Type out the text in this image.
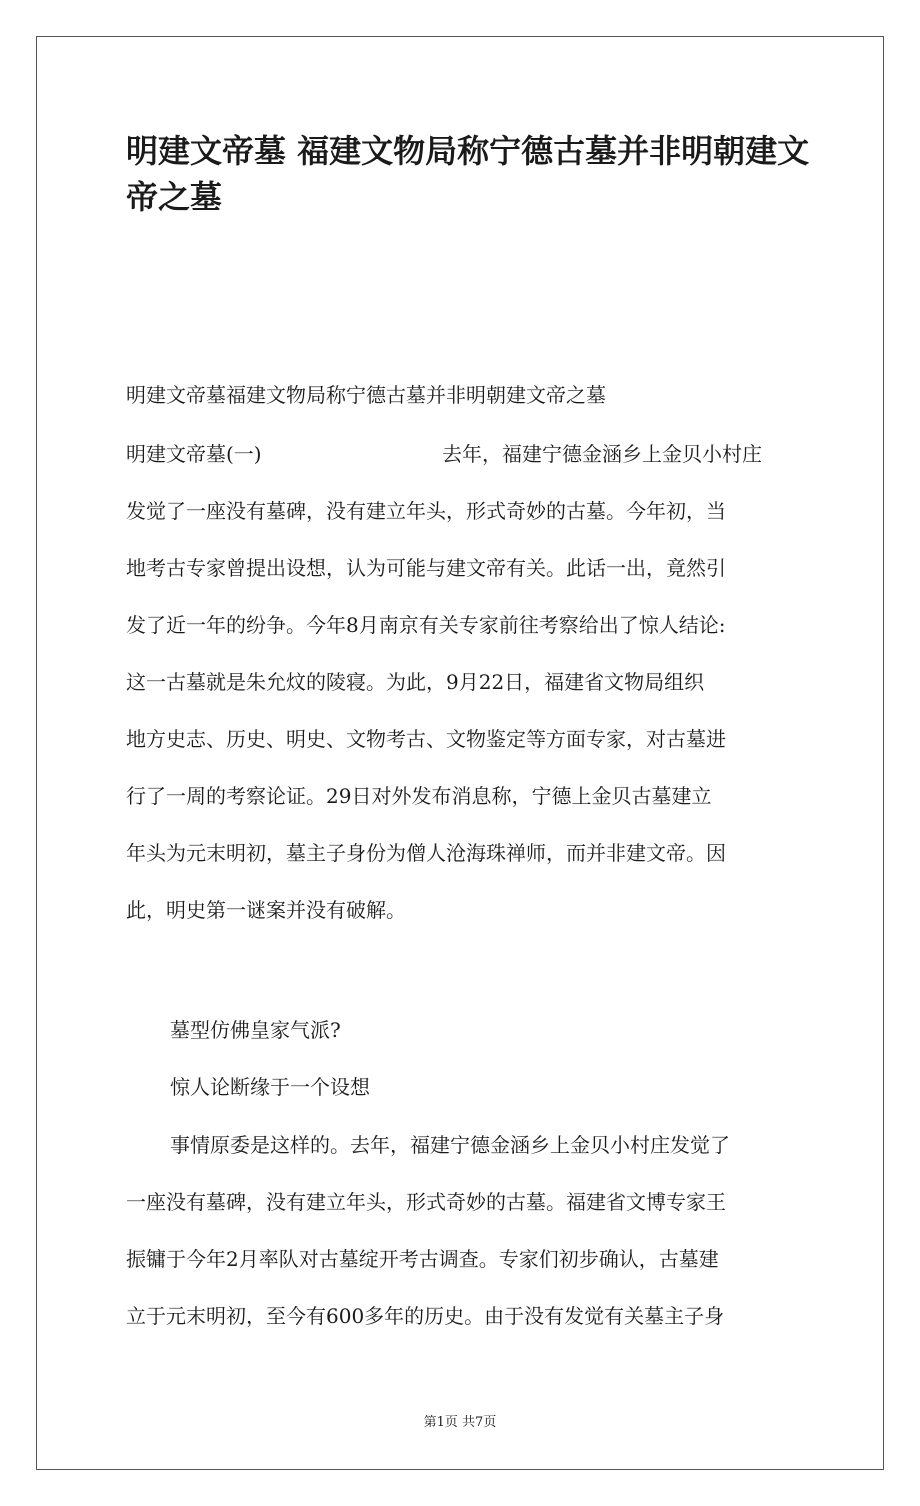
明建文帝墓 福建文物局称宁德古墓并非明朝建文帝之墓

明建文帝墓福建文物局称宁德古墓并非明朝建文帝之墓

明建文帝墓(一)	去年，福建宁德金涵乡上金贝小村庄

发觉了一座没有墓碑，没有建立年头，形式奇妙的古墓。今年初，当

地考古专家曾提出设想，认为可能与建文帝有关。此话一出，竟然引

发了近一年的纷争。今年8月南京有关专家前往考察给出了惊人结论:

这一古墓就是朱允炆的陵寝。为此，9月22日，福建省文物局组织

地方史志、历史、明史、文物考古、文物鉴定等方面专家，对古墓进

行了一周的考察论证。29日对外发布消息称，宁德上金贝古墓建立

年头为元末明初，墓主子身份为僧人沧海珠禅师，而并非建文帝。因

此，明史第一谜案并没有破解。

墓型仿佛皇家气派?

惊人论断缘于一个设想

事情原委是这样的。去年，福建宁德金涵乡上金贝小村庄发觉了

一座没有墓碑，没有建立年头，形式奇妙的古墓。福建省文博专家王

振镛于今年2月率队对古墓绽开考古调查。专家们初步确认，古墓建

立于元末明初，至今有600多年的历史。由于没有发觉有关墓主子身

第1页 共7页
